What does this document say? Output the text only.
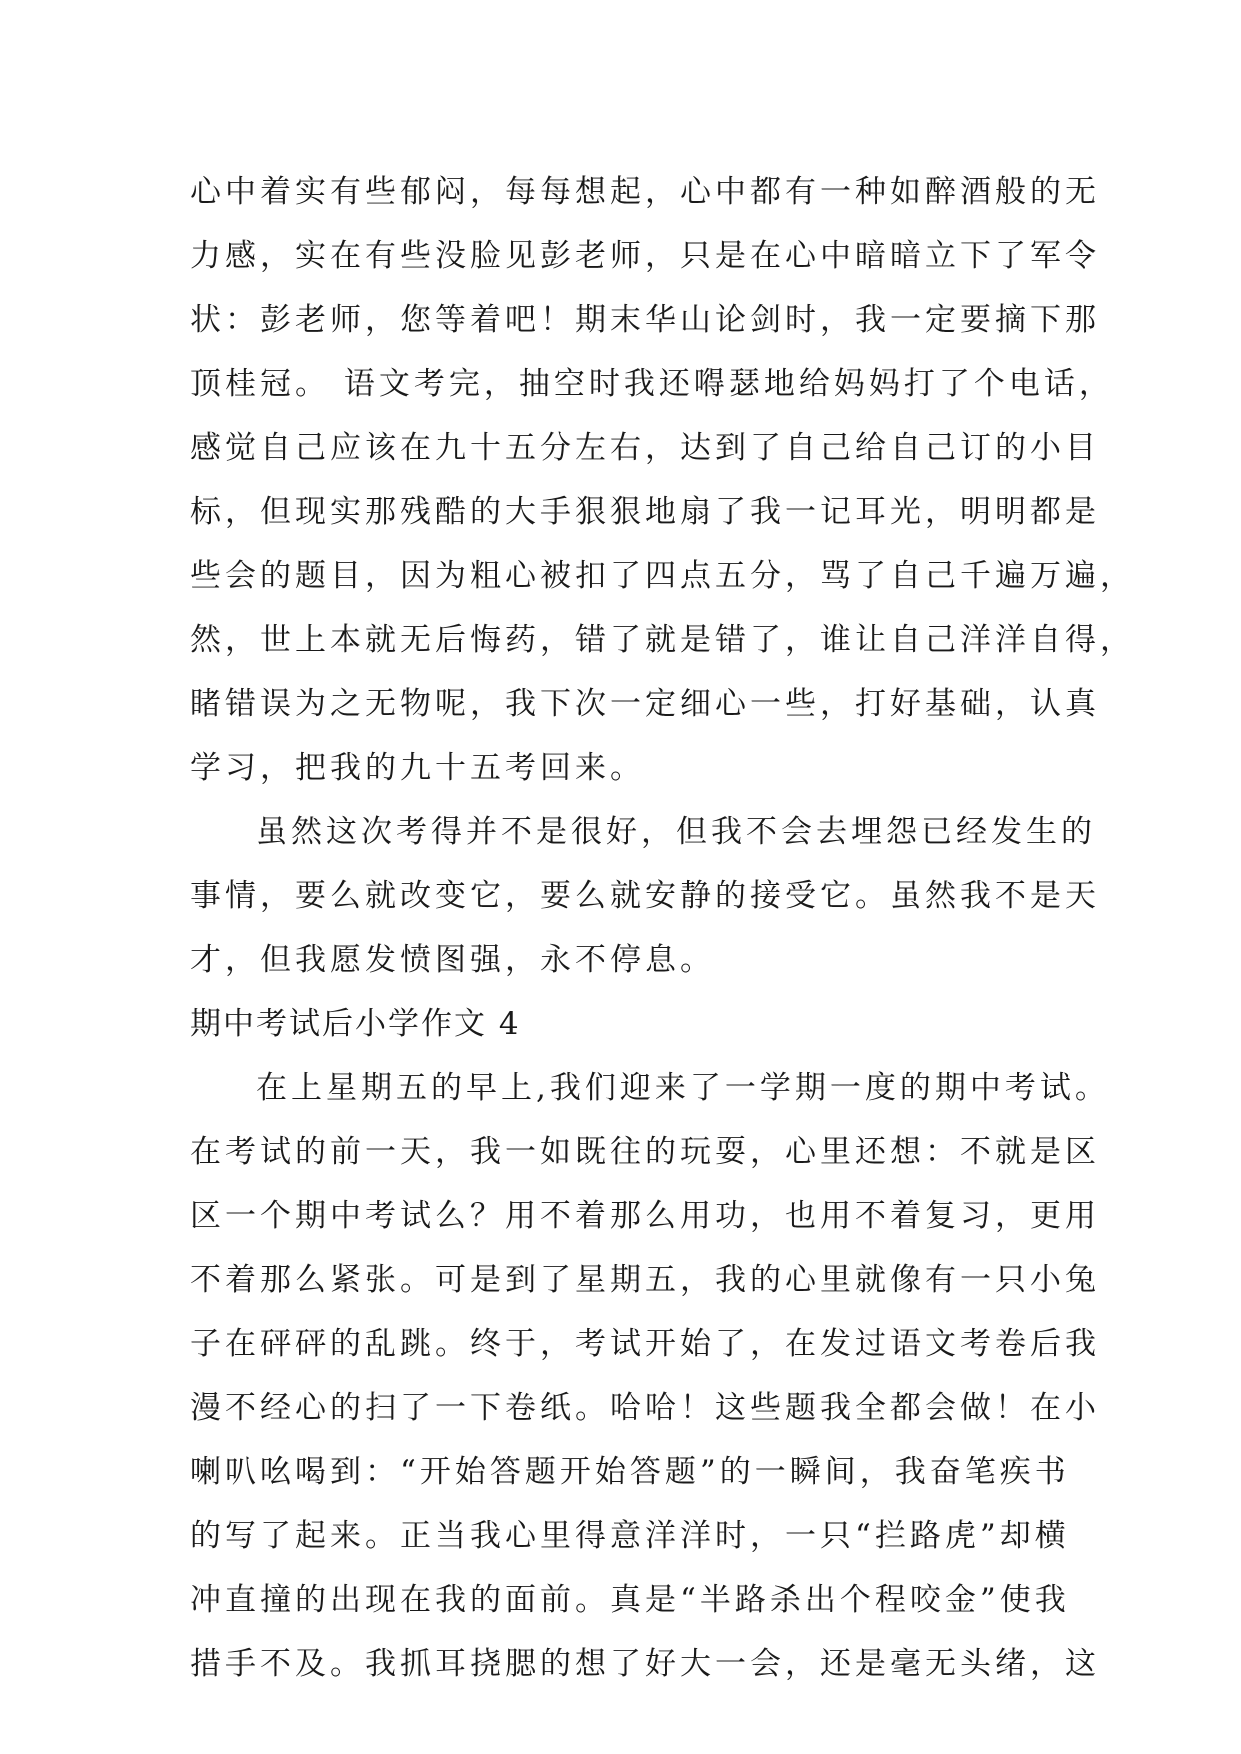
心中着实有些郁闷，每每想起，心中都有一种如醉酒般的无
力感，实在有些没脸见彭老师，只是在心中暗暗立下了军令
状：彭老师，您等着吧！期末华山论剑时，我一定要摘下那
顶桂冠。 语文考完，抽空时我还嘚瑟地给妈妈打了个电话，
感觉自己应该在九十五分左右，达到了自己给自己订的小目
标，但现实那残酷的大手狠狠地扇了我一记耳光，明明都是
些会的题目，因为粗心被扣了四点五分，骂了自己千遍万遍，
然，世上本就无后悔药，错了就是错了，谁让自己洋洋自得，
睹错误为之无物呢，我下次一定细心一些，打好基础，认真
学习，把我的九十五考回来。
虽然这次考得并不是很好，但我不会去埋怨已经发生的
事情，要么就改变它，要么就安静的接受它。虽然我不是天
才，但我愿发愤图强，永不停息。
期中考试后小学作文 4
在上星期五的早上,我们迎来了一学期一度的期中考试。
在考试的前一天，我一如既往的玩耍，心里还想：不就是区
区一个期中考试么？用不着那么用功，也用不着复习，更用
不着那么紧张。可是到了星期五，我的心里就像有一只小兔
子在砰砰的乱跳。终于，考试开始了，在发过语文考卷后我
漫不经心的扫了一下卷纸。哈哈！这些题我全都会做！在小
喇叭吆喝到：“开始答题开始答题”的一瞬间，我奋笔疾书
的写了起来。正当我心里得意洋洋时，一只“拦路虎”却横
冲直撞的出现在我的面前。真是“半路杀出个程咬金”使我
措手不及。我抓耳挠腮的想了好大一会，还是毫无头绪，这
